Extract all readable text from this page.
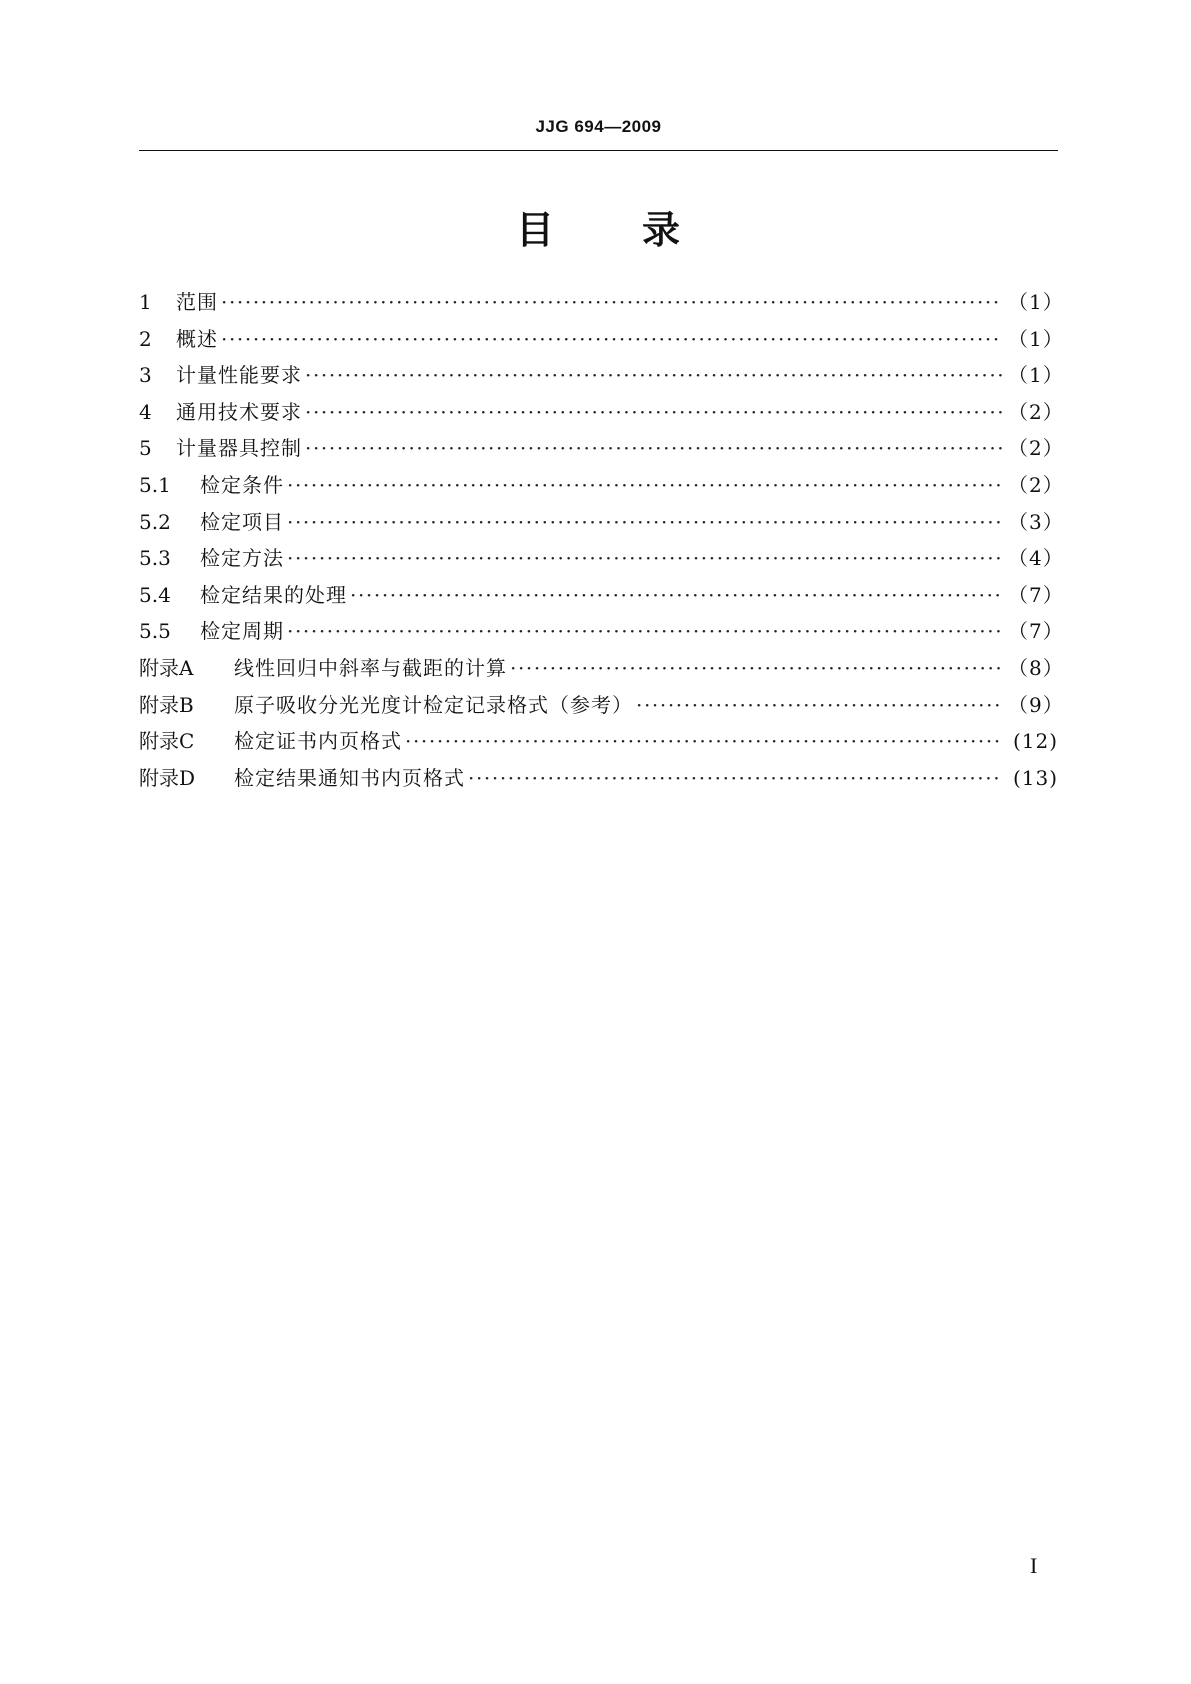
JJG 694—2009
目 录
1	范围 ·····	（1）
2	概述 ·····	（1）
3	计量性能要求 ·····	（1）
4	通用技术要求 ·····	（2）
5	计量器具控制 ·····	（2）
5.1	检定条件 ·····	（2）
5.2	检定项目 ·····	（3）
5.3	检定方法 ·····	（4）
5.4	检定结果的处理 ·····	（7）
5.5	检定周期 ·····	（7）
附录A	线性回归中斜率与截距的计算 ·····	（8）
附录B	原子吸收分光光度计检定记录格式（参考） ·····	（9）
附录C	检定证书内页格式 ·····	(12)
附录D	检定结果通知书内页格式 ·····	(13)
I
